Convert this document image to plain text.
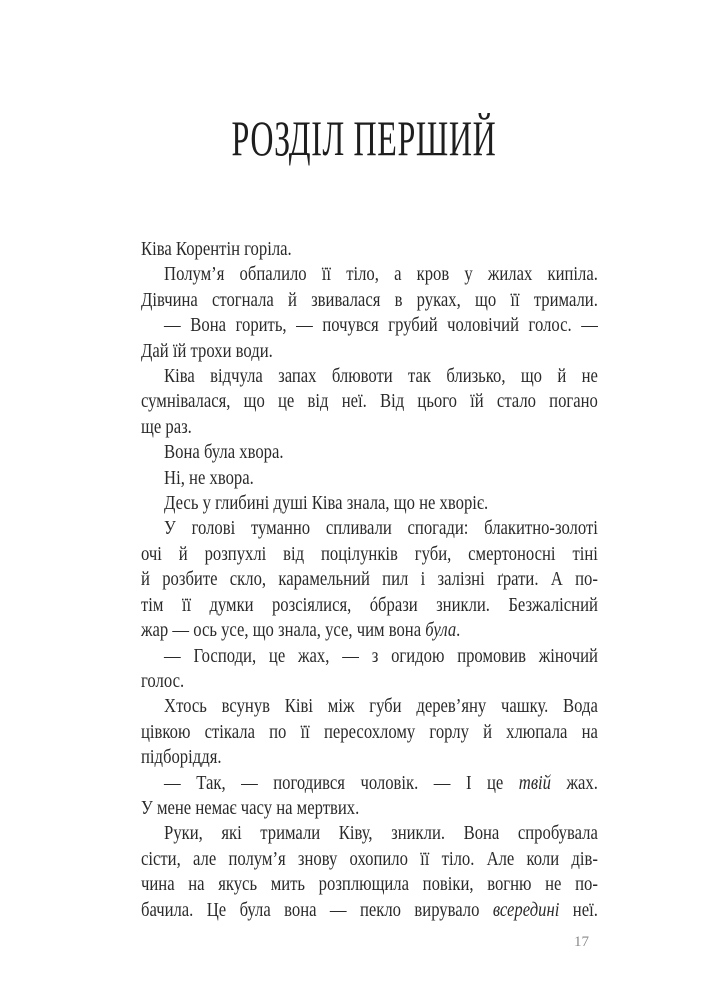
РОЗДІЛ ПЕРШИЙ
Ківа Корентін горіла.
Полум’я обпалило її тіло, а кров у жилах кипіла.
Дівчина стогнала й звивалася в руках, що її тримали.
— Вона горить, — почувся грубий чоловічий голос. —
Дай їй трохи води.
Ківа відчула запах блювоти так близько, що й не
сумнівалася, що це від неї. Від цього їй стало погано
ще раз.
Вона була хвора.
Ні, не хвора.
Десь у глибині душі Ківа знала, що не хворіє.
У голові туманно спливали спогади: блакитно-золоті
очі й розпухлі від поцілунків губи, смертоносні тіні
й розбите скло, карамельний пил і залізні ґрати. А по-
тім її думки розсіялися, óбрази зникли. Безжалісний
жар — ось усе, що знала, усе, чим вона була.
— Господи, це жах, — з огидою промовив жіночий
голос.
Хтось всунув Ківі між губи дерев’яну чашку. Вода
цівкою стікала по її пересохлому горлу й хлюпала на
підборіддя.
— Так, — погодився чоловік. — І це твій жах.
У мене немає часу на мертвих.
Руки, які тримали Ківу, зникли. Вона спробувала
сісти, але полум’я знову охопило її тіло. Але коли дів-
чина на якусь мить розплющила повіки, вогню не по-
бачила. Це була вона — пекло вирувало всередині неї.
17
